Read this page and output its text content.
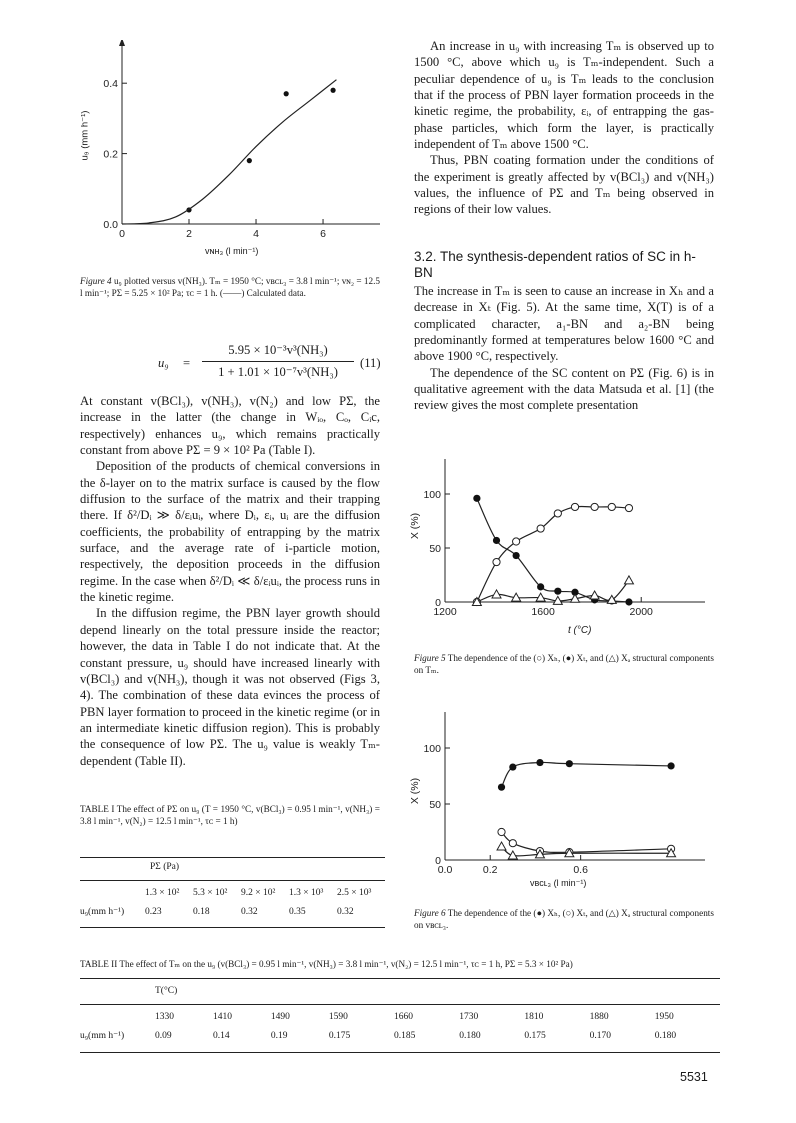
0	2	4	6
0.0
0.2
0.4
u₉ (mm h⁻¹)
vɴʜ₃ (l min⁻¹)
Figure 4 u₉ plotted versus v(NH₃). Tₘ = 1950 °C; vʙᴄʟ₃ = 3.8 l min⁻¹; vɴ₂ = 12.5 l min⁻¹; PΣ = 5.25 × 10² Pa; τᴄ = 1 h. (——) Calculated data.
u₉ =
5.95 × 10⁻³v³(NH₃)
1 + 1.01 × 10⁻⁷v³(NH₃)
(11)

At constant v(BCl₃), v(NH₃), v(N₂) and low PΣ, the increase in the latter (the change in Wᵢₒ, Cₒ, Cᵢc, respectively) enhances u₉, which remains practically constant from above PΣ = 9 × 10² Pa (Table I).

Deposition of the products of chemical conversions in the δ-layer on to the matrix surface is caused by the flow diffusion to the surface of the matrix and their trapping there. If δ²/Dᵢ ≫ δ/εᵢuᵢ, where Dᵢ, εᵢ, uᵢ are the diffusion coefficients, the probability of entrapping by the matrix surface, and the average rate of i-particle motion, respectively, the deposition proceeds in the diffusion regime. In the case when δ²/Dᵢ ≪ δ/εᵢuᵢ, the process runs in the kinetic regime.

In the diffusion regime, the PBN layer growth should depend linearly on the total pressure inside the reactor; however, the data in Table I do not indicate that. At the constant pressure, u₉ should have increased linearly with v(BCl₃) and v(NH₃), though it was not observed (Figs 3, 4). The combination of these data evinces the process of PBN layer formation to proceed in the kinetic regime (or in an intermediate kinetic diffusion region). This is probably the consequence of low PΣ. The u₉ value is weakly Tₘ-dependent (Table II).

TABLE I The effect of PΣ on u₉ (T = 1950 °C, v(BCl₃) = 0.95 l min⁻¹, v(NH₃) = 3.8 l min⁻¹, v(N₂) = 12.5 l min⁻¹, τᴄ = 1 h)
PΣ (Pa)
	1.3 × 10²	5.3 × 10²	9.2 × 10²	1.3 × 10³	2.5 × 10³

u₉(mm h⁻¹)	0.23	0.18	0.32	0.35	0.32

An increase in u₉ with increasing Tₘ is observed up to 1500 °C, above which u₉ is Tₘ-independent. Such a peculiar dependence of u₉ is Tₘ leads to the conclusion that if the process of PBN layer formation proceeds in the kinetic regime, the probability, εᵢ, of entrapping the gas-phase particles, which form the layer, is practically independent of Tₘ above 1500 °C.

Thus, PBN coating formation under the conditions of the experiment is greatly affected by v(BCl₃) and v(NH₃) values, the influence of PΣ and Tₘ being observed in regions of their low values.

3.2. The synthesis-dependent ratios of SC in h-BN

The increase in Tₘ is seen to cause an increase in Xₕ and a decrease in Xₜ (Fig. 5). At the same time, X(T) is of a complicated character, a₁-BN and a₂-BN being predominantly formed at temperatures below 1600 °C and above 1900 °C, respectively.

The dependence of the SC content on PΣ (Fig. 6) is in qualitative agreement with the data Matsuda et al. [1] (the review gives the most complete presentation

1200	1600	2000
0
50
100
X (%)
t (°C)
Figure 5 The dependence of the (○) Xₕ, (●) Xₜ, and (△) Xₐ structural components on Tₘ.
0.0	0.2	0.6
0
50
100
X (%)
vʙᴄʟ₃ (l min⁻¹)
Figure 6 The dependence of the (●) Xₕ, (○) Xₜ, and (△) Xₐ structural components on vʙᴄʟ₃.
TABLE II The effect of Tₘ on the u₉ (v(BCl₃) = 0.95 l min⁻¹, v(NH₃) = 3.8 l min⁻¹, v(N₂) = 12.5 l min⁻¹, τᴄ = 1 h, PΣ = 5.3 × 10² Pa)
T(°C)
	1330	1410	1490	1590	1660	1730	1810	1880	1950

u₉(mm h⁻¹)	0.09	0.14	0.19	0.175	0.185	0.180	0.175	0.170	0.180
5531
